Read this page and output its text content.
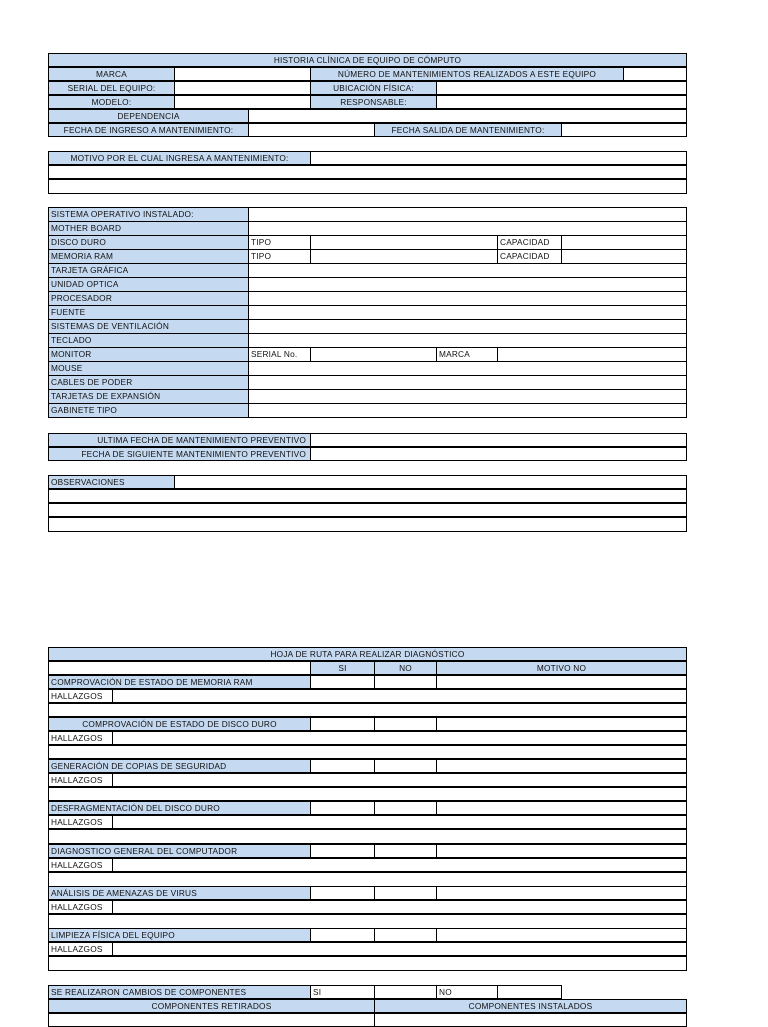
HISTORIA CLÍNICA DE EQUIPO DE CÓMPUTO
MARCA	NÚMERO DE MANTENIMIENTOS REALIZADOS A ESTE EQUIPO
SERIAL DEL EQUIPO:	UBICACIÓN FÍSICA:
MODELO:	RESPONSABLE:
DEPENDENCIA
FECHA DE INGRESO A MANTENIMIENTO:	FECHA SALIDA DE MANTENIMIENTO:
MOTIVO POR EL CUAL INGRESA A MANTENIMIENTO:
SISTEMA OPERATIVO INSTALADO:
MOTHER BOARD
DISCO DURO	TIPO	CAPACIDAD
MEMORIA RAM	TIPO	CAPACIDAD
TARJETA GRÁFICA
UNIDAD OPTICA
PROCESADOR
FUENTE
SISTEMAS DE VENTILACIÓN
TECLADO
MONITOR	SERIAL No.	MARCA
MOUSE
CABLES DE PODER
TARJETAS DE EXPANSIÓN
GABINETE TIPO
ULTIMA FECHA DE MANTENIMIENTO PREVENTIVO
FECHA DE SIGUIENTE MANTENIMIENTO PREVENTIVO
OBSERVACIONES
HOJA DE RUTA PARA REALIZAR DIAGNÓSTICO
SI	NO	MOTIVO NO
COMPROVACIÓN DE ESTADO DE MEMORIA RAM
HALLAZGOS
COMPROVACIÓN DE ESTADO DE DISCO DURO
HALLAZGOS
GENERACIÓN DE COPIAS DE SEGURIDAD
HALLAZGOS
DESFRAGMENTACIÓN DEL DISCO DURO
HALLAZGOS
DIAGNOSTICO GENERAL DEL COMPUTADOR
HALLAZGOS
ANÁLISIS DE AMENAZAS DE VIRUS
HALLAZGOS
LIMPIEZA FÍSICA DEL EQUIPO
HALLAZGOS
SE REALIZARON CAMBIOS DE COMPONENTES	SI	NO
COMPONENTES RETIRADOS	COMPONENTES INSTALADOS
